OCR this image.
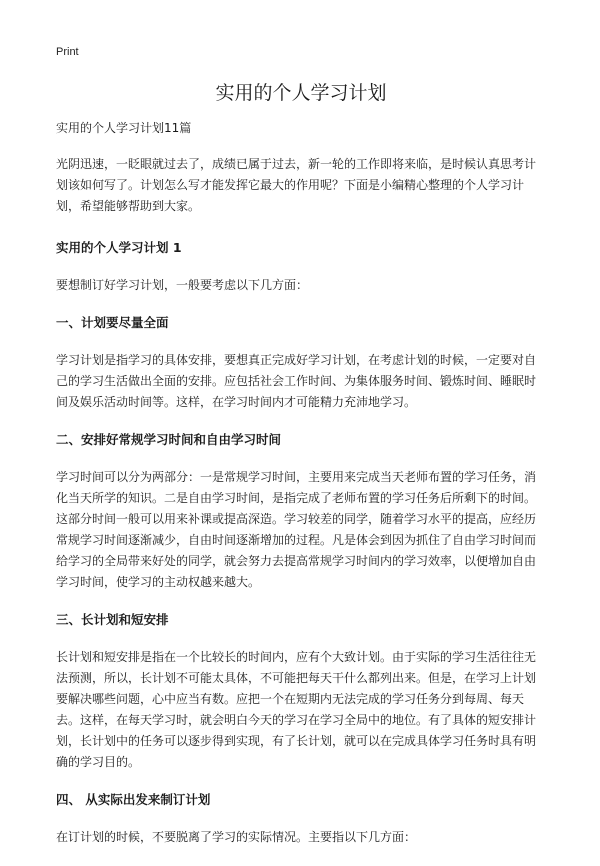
Print
实用的个人学习计划
实用的个人学习计划11篇

光阴迅速，一眨眼就过去了，成绩已属于过去，新一轮的工作即将来临，是时候认真思考计划该如何写了。计划怎么写才能发挥它最大的作用呢？下面是小编精心整理的个人学习计划，希望能够帮助到大家。

实用的个人学习计划 1

要想制订好学习计划，一般要考虑以下几方面：

一、计划要尽量全面

学习计划是指学习的具体安排，要想真正完成好学习计划，在考虑计划的时候，一定要对自己的学习生活做出全面的安排。应包括社会工作时间、为集体服务时间、锻炼时间、睡眠时间及娱乐活动时间等。这样，在学习时间内才可能精力充沛地学习。

二、安排好常规学习时间和自由学习时间

学习时间可以分为两部分：一是常规学习时间，主要用来完成当天老师布置的学习任务，消化当天所学的知识。二是自由学习时间，是指完成了老师布置的学习任务后所剩下的时间。这部分时间一般可以用来补课或提高深造。学习较差的同学，随着学习水平的提高，应经历常规学习时间逐渐减少，自由时间逐渐增加的过程。凡是体会到因为抓住了自由学习时间而给学习的全局带来好处的同学，就会努力去提高常规学习时间内的学习效率，以便增加自由学习时间，使学习的主动权越来越大。

三、长计划和短安排

长计划和短安排是指在一个比较长的时间内，应有个大致计划。由于实际的学习生活往往无法预测，所以，长计划不可能太具体，不可能把每天干什么都列出来。但是，在学习上计划要解决哪些问题，心中应当有数。应把一个在短期内无法完成的学习任务分到每周、每天去。这样，在每天学习时，就会明白今天的学习在学习全局中的地位。有了具体的短安排计划，长计划中的任务可以逐步得到实现，有了长计划，就可以在完成具体学习任务时具有明确的学习目的。

四、 从实际出发来制订计划

在订计划的时候，不要脱离了学习的实际情况。主要指以下几方面：
